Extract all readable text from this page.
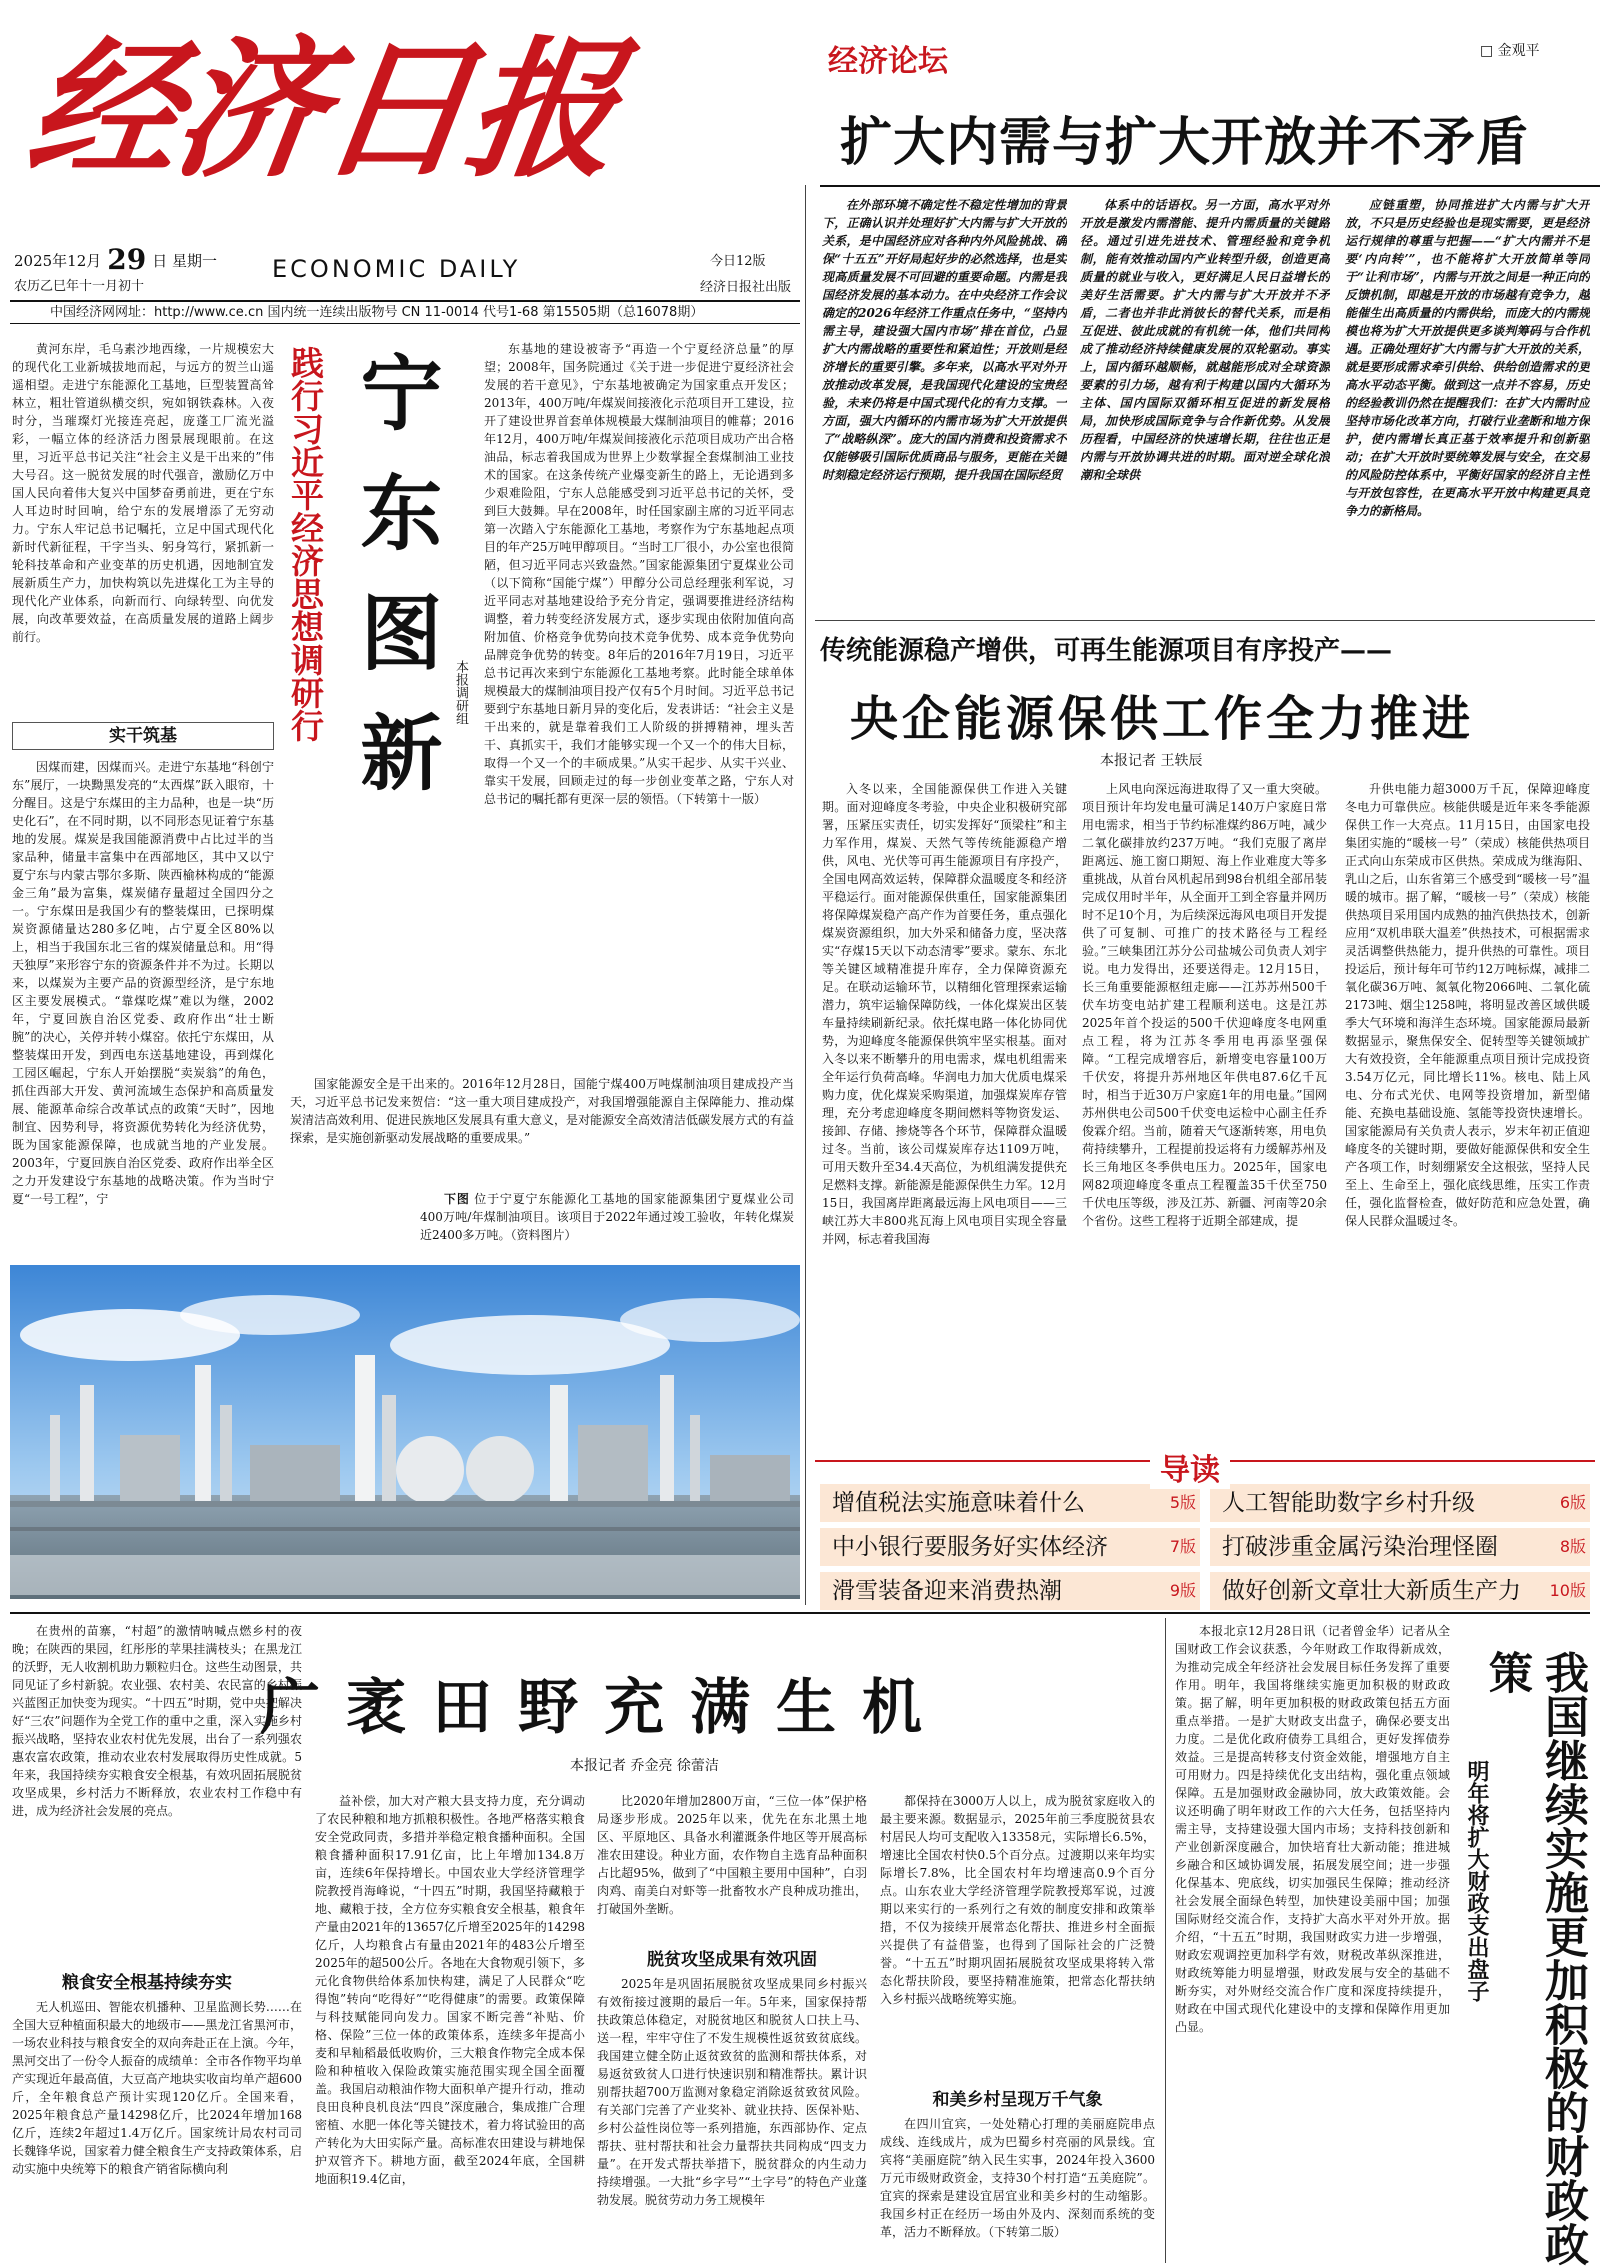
经济日报
2025年12月 29 日 星期一	ECONOMIC DAILY	今日12版
农历乙巳年十一月初十	经济日报社出版
中国经济网网址：http://www.ce.cn 国内统一连续出版物号 CN 11-0014 代号1-68 第15505期（总16078期）
经济论坛	□ 金观平
扩大内需与扩大开放并不矛盾

在外部环境不确定性不稳定性增加的背景下，正确认识并处理好扩大内需与扩大开放的关系，是中国经济应对各种内外风险挑战、确保“十五五”开好局起好步的必然选择，也是实现高质量发展不可回避的重要命题。内需是我国经济发展的基本动力。在中央经济工作会议确定的2026年经济工作重点任务中，“坚持内需主导，建设强大国内市场”排在首位，凸显扩大内需战略的重要性和紧迫性；开放则是经济增长的重要引擎。多年来，以高水平对外开放推动改革发展，是我国现代化建设的宝贵经验，未来仍将是中国式现代化的有力支撑。一方面，强大内循环的内需市场为扩大开放提供了“战略纵深”。庞大的国内消费和投资需求不仅能够吸引国际优质商品与服务，更能在关键时刻稳定经济运行预期，提升我国在国际经贸

体系中的话语权。另一方面，高水平对外开放是激发内需潜能、提升内需质量的关键路径。通过引进先进技术、管理经验和竞争机制，能有效推动国内产业转型升级，创造更高质量的就业与收入，更好满足人民日益增长的美好生活需要。扩大内需与扩大开放并不矛盾，二者也并非此消彼长的替代关系，而是相互促进、彼此成就的有机统一体，他们共同构成了推动经济持续健康发展的双轮驱动。事实上，国内循环越顺畅，就越能形成对全球资源要素的引力场，越有利于构建以国内大循环为主体、国内国际双循环相互促进的新发展格局，加快形成国际竞争与合作新优势。从发展历程看，中国经济的快速增长期，往往也正是内需与开放协调共进的时期。面对逆全球化浪潮和全球供

应链重塑，协同推进扩大内需与扩大开放，不只是历史经验也是现实需要，更是经济运行规律的尊重与把握——“扩大内需并不是要‘内向转’”，也不能将扩大开放简单等同于“让利市场”，内需与开放之间是一种正向的反馈机制，即越是开放的市场越有竞争力，越能催生出高质量的内需供给，而庞大的内需规模也将为扩大开放提供更多谈判筹码与合作机遇。正确处理好扩大内需与扩大开放的关系，就是要形成需求牵引供给、供给创造需求的更高水平动态平衡。做到这一点并不容易，历史的经验教训仍然在提醒我们：在扩大内需时应坚持市场化改革方向，打破行业垄断和地方保护，使内需增长真正基于效率提升和创新驱动；在扩大开放时要统筹发展与安全，在交易的风险防控体系中，平衡好国家的经济自主性与开放包容性，在更高水平开放中构建更具竞争力的新格局。

践行习近平经济思想调研行 宁东图新 本报调研组

黄河东岸，毛乌素沙地西缘，一片规模宏大的现代化工业新城拔地而起，与远方的贺兰山遥遥相望。走进宁东能源化工基地，巨型装置高耸林立，粗壮管道纵横交织，宛如钢铁森林。入夜时分，当璀璨灯光接连亮起，庞蓬工厂流光溢彩，一幅立体的经济活力图景展现眼前。在这里，习近平总书记关注“社会主义是干出来的”伟大号召。这一脱贫发展的时代强音，激励亿万中国人民向着伟大复兴中国梦奋勇前进，更在宁东人耳边时时回响，给宁东的发展增添了无穷动力。宁东人牢记总书记嘱托，立足中国式现代化新时代新征程，干字当头、躬身笃行，紧抓新一轮科技革命和产业变革的历史机遇，因地制宜发展新质生产力，加快构筑以先进煤化工为主导的现代化产业体系，向新而行、向绿转型、向优发展，向改革要效益，在高质量发展的道路上阔步前行。

实干筑基

因煤而建，因煤而兴。走进宁东基地“科创宁东”展厅，一块黝黑发亮的“太西煤”跃入眼帘，十分醒目。这是宁东煤田的主力品种，也是一块“历史化石”，在不同时期，以不同形态见证着宁东基地的发展。煤炭是我国能源消费中占比过半的当家品种，储量丰富集中在西部地区，其中又以宁夏宁东与内蒙古鄂尔多斯、陕西榆林构成的“能源金三角”最为富集，煤炭储存量超过全国四分之一。宁东煤田是我国少有的整装煤田，已探明煤炭资源储量达280多亿吨，占宁夏全区80%以上，相当于我国东北三省的煤炭储量总和。用“得天独厚”来形容宁东的资源条件并不为过。长期以来，以煤炭为主要产品的资源型经济，是宁东地区主要发展模式。“靠煤吃煤”难以为继，2002年，宁夏回族自治区党委、政府作出“壮士断腕”的决心，关停并转小煤窑。依托宁东煤田，从整装煤田开发，到西电东送基地建设，再到煤化工园区崛起，宁东人开始摆脱“卖炭翁”的角色，抓住西部大开发、黄河流域生态保护和高质量发展、能源革命综合改革试点的政策“天时”，因地制宜、因势利导，将资源优势转化为经济优势，既为国家能源保障，也成就当地的产业发展。2003年，宁夏回族自治区党委、政府作出举全区之力开发建设宁东基地的战略决策。作为当时宁夏“一号工程”，宁

东基地的建设被寄予“再造一个宁夏经济总量”的厚望；2008年，国务院通过《关于进一步促进宁夏经济社会发展的若干意见》，宁东基地被确定为国家重点开发区；2013年，400万吨/年煤炭间接液化示范项目开工建设，拉开了建设世界首套单体规模最大煤制油项目的帷幕；2016年12月，400万吨/年煤炭间接液化示范项目成功产出合格油品，标志着我国成为世界上少数掌握全套煤制油工业技术的国家。在这条传统产业爆变新生的路上，无论遇到多少艰难险阻，宁东人总能感受到习近平总书记的关怀，受到巨大鼓舞。早在2008年，时任国家副主席的习近平同志第一次踏入宁东能源化工基地，考察作为宁东基地起点项目的年产25万吨甲醇项目。“当时工厂很小，办公室也很简陋，但习近平同志兴致盎然。”国家能源集团宁夏煤业公司（以下简称“国能宁煤”）甲醇分公司总经理张利军说，习近平同志对基地建设给予充分肯定，强调要推进经济结构调整，着力转变经济发展方式，逐步实现由依附加值向高附加值、价格竞争优势向技术竞争优势、成本竞争优势向品牌竞争优势的转变。8年后的2016年7月19日，习近平总书记再次来到宁东能源化工基地考察。此时能全球单体规模最大的煤制油项目投产仅有5个月时间。习近平总书记要到宁东基地日新月异的变化后，发表讲话：“社会主义是干出来的，就是靠着我们工人阶级的拼搏精神，埋头苦干、真抓实干，我们才能够实现一个又一个的伟大目标，取得一个又一个的丰硕成果。”从实干起步、从实干兴业、靠实干发展，回顾走过的每一步创业变革之路，宁东人对总书记的嘱托都有更深一层的领悟。（下转第十一版）

国家能源安全是干出来的。2016年12月28日，国能宁煤400万吨煤制油项目建成投产当天，习近平总书记发来贺信：“这一重大项目建成投产，对我国增强能源自主保障能力、推动煤炭清洁高效利用、促进民族地区发展具有重大意义，是对能源安全高效清洁低碳发展方式的有益探索，是实施创新驱动发展战略的重要成果。”

下图 位于宁夏宁东能源化工基地的国家能源集团宁夏煤业公司400万吨/年煤制油项目。该项目于2022年通过竣工验收，年转化煤炭近2400多万吨。（资料图片）

传统能源稳产增供，可再生能源项目有序投产——
央企能源保供工作全力推进
本报记者 王轶辰

入冬以来，全国能源保供工作进入关键期。面对迎峰度冬考验，中央企业积极研究部署，压紧压实责任，切实发挥好“顶梁柱”和主力军作用，煤炭、天然气等传统能源稳产增供，风电、光伏等可再生能源项目有序投产，全国电网高效运转，保障群众温暖度冬和经济平稳运行。面对能源保供重任，国家能源集团将保障煤炭稳产高产作为首要任务，重点强化煤炭资源组织，加大外采和储备力度，坚决落实“存煤15天以下动态清零”要求。蒙东、东北等关键区域精准提升库存，全力保障资源充足。在联动运输环节，以精细化管理探索运输潜力，筑牢运输保障防线，一体化煤炭出区装车量持续刷新纪录。依托煤电路一体化协同优势，为迎峰度冬能源保供筑牢坚实根基。面对入冬以来不断攀升的用电需求，煤电机组需来全年运行负荷高峰。华润电力加大优质电煤采购力度，优化煤炭采购渠道，加强煤炭库存管理，充分考虑迎峰度冬期间燃料等物资发运、接卸、存储、掺烧等各个环节，保障群众温暖过冬。当前，该公司煤炭库存达1109万吨，可用天数升至34.4天高位，为机组满发提供充足燃料支撑。新能源是能源保供生力军。12月15日，我国离岸距离最远海上风电项目——三峡江苏大丰800兆瓦海上风电项目实现全容量并网，标志着我国海

上风电向深远海进取得了又一重大突破。项目预计年均发电量可满足140万户家庭日常用电需求，相当于节约标准煤约86万吨，减少二氧化碳排放约237万吨。“我们克服了离岸距离远、施工窗口期短、海上作业难度大等多重挑战，从首台风机起吊到98台机组全部吊装完成仅用时半年，从全面开工到全容量并网历时不足10个月，为后续深远海风电项目开发提供了可复制、可推广的技术路径与工程经验。”三峡集团江苏分公司盐城公司负责人刘宇说。电力发得出，还要送得走。12月15日，长三角重要能源枢纽走廊——江苏苏州500千伏车坊变电站扩建工程顺利送电。这是江苏2025年首个投运的500千伏迎峰度冬电网重点工程，将为江苏冬季用电再添坚强保障。“工程完成增容后，新增变电容量100万千伏安，将提升苏州地区年供电87.6亿千瓦时，相当于近30万户家庭1年的用电量。”国网苏州供电公司500千伏变电运检中心副主任乔俊霖介绍。当前，随着天气逐渐转寒，用电负荷持续攀升，工程提前投运将有力缓解苏州及长三角地区冬季供电压力。2025年，国家电网82项迎峰度冬重点工程覆盖35千伏至750千伏电压等级，涉及江苏、新疆、河南等20余个省份。这些工程将于近期全部建成，提

升供电能力超3000万千瓦，保障迎峰度冬电力可靠供应。核能供暖是近年来冬季能源保供工作一大亮点。11月15日，由国家电投集团实施的“暖核一号”（荣成）核能供热项目正式向山东荣成市区供热。荣成成为继海阳、乳山之后，山东省第三个感受到“暖核一号”温暖的城市。据了解，“暖核一号”（荣成）核能供热项目采用国内成熟的抽汽供热技术，创新应用“双机串联大温差”供热技术，可根据需求灵活调整供热能力，提升供热的可靠性。项目投运后，预计每年可节约12万吨标煤，减排二氧化碳36万吨、氮氧化物2066吨、二氧化硫2173吨、烟尘1258吨，将明显改善区域供暖季大气环境和海洋生态环境。国家能源局最新数据显示，聚焦保安全、促转型等关键领域扩大有效投资，全年能源重点项目预计完成投资3.54万亿元，同比增长11%。核电、陆上风电、分布式光伏、电网等投资增加，新型储能、充换电基础设施、氢能等投资快速增长。国家能源局有关负责人表示，岁末年初正值迎峰度冬的关键时期，要做好能源保供和安全生产各项工作，时刻绷紧安全这根弦，坚持人民至上、生命至上，强化底线思维，压实工作责任，强化监督检查，做好防范和应急处置，确保人民群众温暖过冬。

增值税法实施意味着什么	5版	人工智能助数字乡村升级	6版
中小银行要服务好实体经济	7版	打破涉重金属污染治理怪圈	8版
滑雪装备迎来消费热潮	9版	做好创新文章壮大新质生产力 10版
导读
广袤田野充满生机
本报记者 乔金亮 徐蕾洁

在贵州的苗寨，“村超”的激情呐喊点燃乡村的夜晚；在陕西的果园，红彤彤的苹果挂满枝头；在黑龙江的沃野，无人收割机助力颗粒归仓。这些生动图景，共同见证了乡村新貌。农业强、农村美、农民富的乡村振兴蓝图正加快变为现实。“十四五”时期，党中央把解决好“三农”问题作为全党工作的重中之重，深入实施乡村振兴战略，坚持农业农村优先发展，出台了一系列强农惠农富农政策，推动农业农村发展取得历史性成就。5年来，我国持续夯实粮食安全根基，有效巩固拓展脱贫攻坚成果，乡村活力不断释放，农业农村工作稳中有进，成为经济社会发展的亮点。

粮食安全根基持续夯实

无人机巡田、智能农机播种、卫星监测长势……在全国大豆种植面积最大的地级市——黑龙江省黑河市，一场农业科技与粮食安全的双向奔赴正在上演。今年，黑河交出了一份令人振奋的成绩单：全市各作物平均单产实现近年最高值，大豆高产地块实收亩均单产超600斤，全年粮食总产预计实现120亿斤。全国来看，2025年粮食总产量14298亿斤，比2024年增加168亿斤，连续2年超过1.4万亿斤。国家统计局农村司司长魏锋华说，国家着力健全粮食生产支持政策体系，启动实施中央统筹下的粮食产销省际横向利

益补偿，加大对产粮大县支持力度，充分调动了农民种粮和地方抓粮积极性。各地严格落实粮食安全党政同责，多措并举稳定粮食播种面积。全国粮食播种面积17.91亿亩，比上年增加134.8万亩，连续6年保持增长。中国农业大学经济管理学院教授肖海峰说，“十四五”时期，我国坚持藏粮于地、藏粮于技，全方位夯实粮食安全根基，粮食年产量由2021年的13657亿斤增至2025年的14298亿斤，人均粮食占有量由2021年的483公斤增至2025年的超500公斤。各地在大食物观引领下，多元化食物供给体系加快构建，满足了人民群众“吃得饱”转向“吃得好”“吃得健康”的需要。政策保障与科技赋能同向发力。国家不断完善“补贴、价格、保险”三位一体的政策体系，连续多年提高小麦和早籼稻最低收购价，三大粮食作物完全成本保险和种植收入保险政策实施范围实现全国全面覆盖。我国启动粮油作物大面积单产提升行动，推动良田良种良机良法“四良”深度融合，集成推广合理密植、水肥一体化等关键技术，着力将试验田的高产转化为大田实际产量。高标准农田建设与耕地保护双管齐下。耕地方面，截至2024年底，全国耕地面积19.4亿亩，

比2020年增加2800万亩，“三位一体”保护格局逐步形成。2025年以来，优先在东北黑土地区、平原地区、具备水利灌溉条件地区等开展高标准农田建设。种业方面，农作物自主选育品种面积占比超95%，做到了“中国粮主要用中国种”，白羽肉鸡、南美白对虾等一批畜牧水产良种成功推出，打破国外垄断。

脱贫攻坚成果有效巩固

2025年是巩固拓展脱贫攻坚成果同乡村振兴有效衔接过渡期的最后一年。5年来，国家保持帮扶政策总体稳定，对脱贫地区和脱贫人口扶上马、送一程，牢牢守住了不发生规模性返贫致贫底线。我国建立健全防止返贫致贫的监测和帮扶体系，对易返贫致贫人口进行快速识别和精准帮扶。累计识别帮扶超700万监测对象稳定消除返贫致贫风险。有关部门完善了产业奖补、就业扶持、医保补贴、乡村公益性岗位等一系列措施，东西部协作、定点帮扶、驻村帮扶和社会力量帮扶共同构成“四支力量”。在开发式帮扶举措下，脱贫群众的内生动力持续增强。一大批“乡字号”“土字号”的特色产业蓬勃发展。脱贫劳动力务工规模年

都保持在3000万人以上，成为脱贫家庭收入的最主要来源。数据显示，2025年前三季度脱贫县农村居民人均可支配收入13358元，实际增长6.5%，增速比全国农村快0.5个百分点。过渡期以来年均实际增长7.8%，比全国农村年均增速高0.9个百分点。山东农业大学经济管理学院教授郑军说，过渡期以来实行的一系列行之有效的制度安排和政策举措，不仅为接续开展常态化帮扶、推进乡村全面振兴提供了有益借鉴，也得到了国际社会的广泛赞誉。“十五五”时期巩固拓展脱贫攻坚成果将转入常态化帮扶阶段，要坚持精准施策，把常态化帮扶纳入乡村振兴战略统筹实施。

和美乡村呈现万千气象

在四川宜宾，一处处精心打理的美丽庭院串点成线、连线成片，成为巴蜀乡村亮丽的风景线。宜宾将“美丽庭院”纳入民生实事，2024年投入3600万元市级财政资金，支持30个村打造“五美庭院”。宜宾的探索是建设宜居宜业和美乡村的生动缩影。我国乡村正在经历一场由外及内、深刻而系统的变革，活力不断释放。（下转第二版）	我国继续实施更加积极的财政政策
明年将扩大财政支出盘子

本报北京12月28日讯（记者曾金华）记者从全国财政工作会议获悉，今年财政工作取得新成效，为推动完成全年经济社会发展目标任务发挥了重要作用。明年，我国将继续实施更加积极的财政政策。据了解，明年更加积极的财政政策包括五方面重点举措。一是扩大财政支出盘子，确保必要支出力度。二是优化政府债券工具组合，更好发挥债券效益。三是提高转移支付资金效能，增强地方自主可用财力。四是持续优化支出结构，强化重点领域保障。五是加强财政金融协同，放大政策效能。会议还明确了明年财政工作的六大任务，包括坚持内需主导，支持建设强大国内市场；支持科技创新和产业创新深度融合，加快培育壮大新动能；推进城乡融合和区域协调发展，拓展发展空间；进一步强化保基本、兜底线，切实加强民生保障；推动经济社会发展全面绿色转型，加快建设美丽中国；加强国际财经交流合作，支持扩大高水平对外开放。据介绍，“十五五”时期，我国财政实力进一步增强，财政宏观调控更加科学有效，财税改革纵深推进，财政统筹能力明显增强，财政发展与安全的基础不断夯实，对外财经交流合作广度和深度持续提升，财政在中国式现代化建设中的支撑和保障作用更加凸显。
